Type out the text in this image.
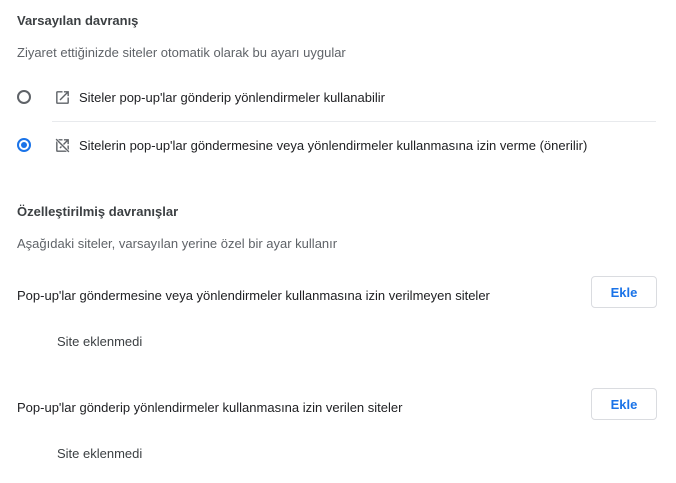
Varsayılan davranış
Ziyaret ettiğinizde siteler otomatik olarak bu ayarı uygular
Siteler pop-up'lar gönderip yönlendirmeler kullanabilir
Sitelerin pop-up'lar göndermesine veya yönlendirmeler kullanmasına izin verme (önerilir)
Özelleştirilmiş davranışlar
Aşağıdaki siteler, varsayılan yerine özel bir ayar kullanır
Pop-up'lar göndermesine veya yönlendirmeler kullanmasına izin verilmeyen siteler	Ekle
Site eklenmedi
Pop-up'lar gönderip yönlendirmeler kullanmasına izin verilen siteler	Ekle
Site eklenmedi
